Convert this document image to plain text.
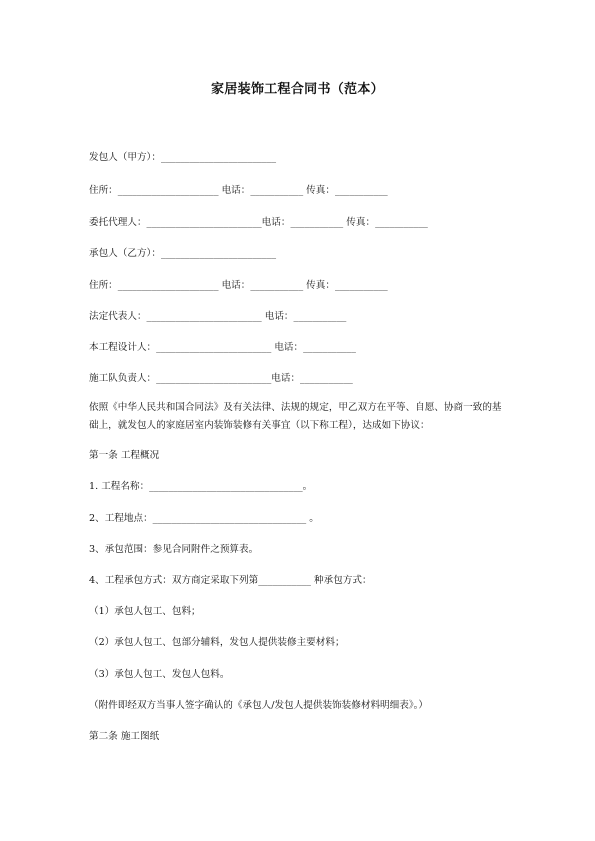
家居装饰工程合同书（范本）
发包人（甲方）：________________________
住所：_____________________ 电话：___________ 传真：___________
委托代理人：________________________电话：___________ 传真：___________
承包人（乙方）：________________________
住所：_____________________ 电话：___________ 传真：___________
法定代表人：________________________ 电话：___________
本工程设计人：________________________ 电话：___________
施工队负责人：________________________电话：___________
依照《中华人民共和国合同法》及有关法律、法规的规定，甲乙双方在平等、自愿、协商一致的基础上，就发包人的家庭居室内装饰装修有关事宜（以下称工程），达成如下协议：
第一条 工程概况
1. 工程名称：________________________________。
2、工程地点：________________________________ 。
3、承包范围：参见合同附件之预算表。
4、工程承包方式：双方商定采取下列第___________ 种承包方式：
（1）承包人包工、包料；
（2）承包人包工、包部分辅料，发包人提供装修主要材料；
（3）承包人包工、发包人包料。
（附件即经双方当事人签字确认的《承包人/发包人提供装饰装修材料明细表》。）
第二条 施工图纸
